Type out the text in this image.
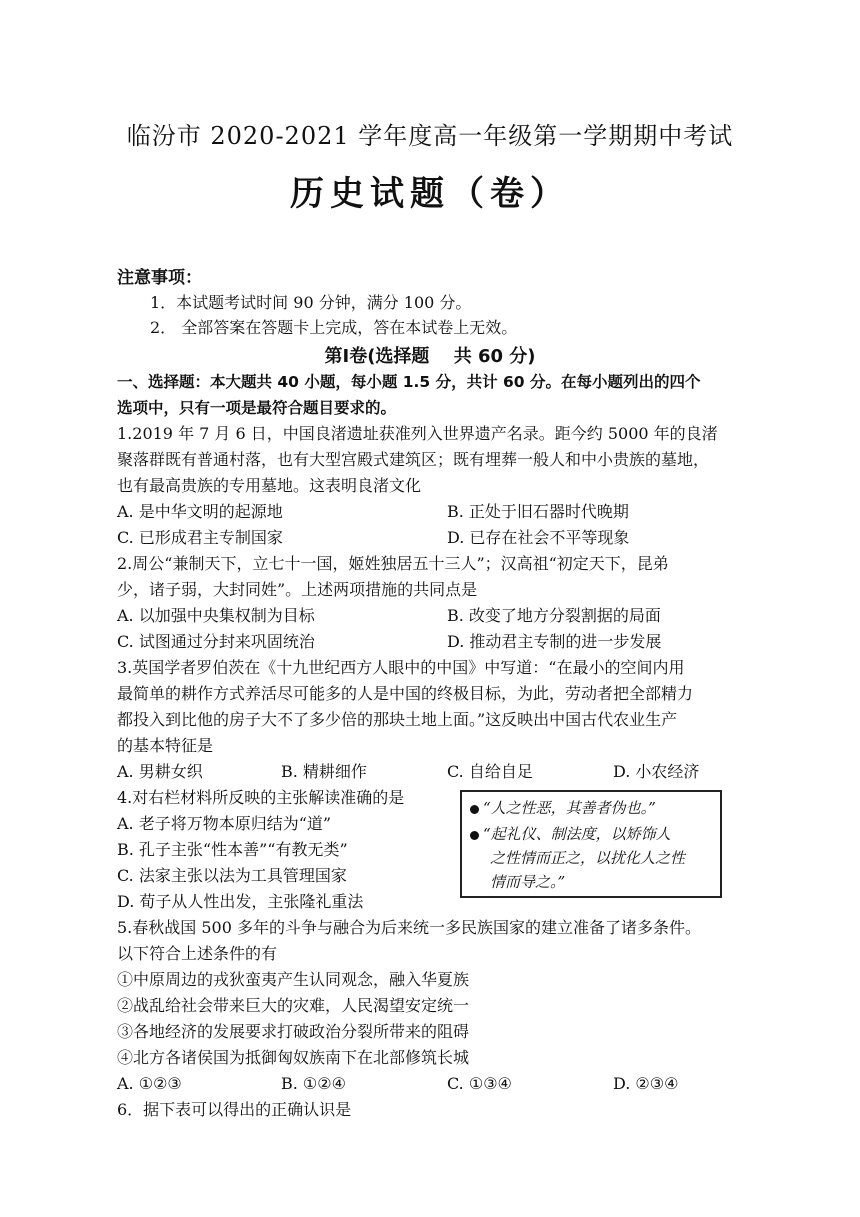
临汾市 2020-2021 学年度高一年级第一学期期中考试
历史试题（卷）
注意事项：
1．本试题考试时间 90 分钟，满分 100 分。
2． 全部答案在答题卡上完成，答在本试卷上无效。
第Ⅰ卷(选择题　 共 60 分)
一、选择题：本大题共 40 小题，每小题 1.5 分，共计 60 分。在每小题列出的四个
选项中，只有一项是最符合题目要求的。
1.2019 年 7 月 6 日，中国良渚遗址获准列入世界遗产名录。距今约 5000 年的良渚
聚落群既有普通村落，也有大型宫殿式建筑区；既有埋葬一般人和中小贵族的墓地，
也有最高贵族的专用墓地。这表明良渚文化
A. 是中华文明的起源地	B. 正处于旧石器时代晚期
C. 已形成君主专制国家	D. 已存在社会不平等现象
2.周公“兼制天下，立七十一国，姬姓独居五十三人”；汉高祖“初定天下，昆弟
少，诸子弱，大封同姓”。上述两项措施的共同点是
A. 以加强中央集权制为目标	B. 改变了地方分裂割据的局面
C. 试图通过分封来巩固统治	D. 推动君主专制的进一步发展
3.英国学者罗伯茨在《十九世纪西方人眼中的中国》中写道：“在最小的空间内用
最简单的耕作方式养活尽可能多的人是中国的终极目标，为此，劳动者把全部精力
都投入到比他的房子大不了多少倍的那块土地上面。”这反映出中国古代农业生产
的基本特征是
A. 男耕女织	B. 精耕细作	C. 自给自足	D. 小农经济
4.对右栏材料所反映的主张解读准确的是
A. 老子将万物本原归结为“道”
B. 孔子主张“性本善”“有教无类”
C. 法家主张以法为工具管理国家
D. 荀子从人性出发，主张隆礼重法
“人之性恶，其善者伪也。”
“起礼仪、制法度，以矫饰人
之性情而正之，以扰化人之性
情而导之。”
5.春秋战国 500 多年的斗争与融合为后来统一多民族国家的建立准备了诸多条件。
以下符合上述条件的有
①中原周边的戎狄蛮夷产生认同观念，融入华夏族
②战乱给社会带来巨大的灾难，人民渴望安定统一
③各地经济的发展要求打破政治分裂所带来的阻碍
④北方各诸侯国为抵御匈奴族南下在北部修筑长城
A. ①②③	B. ①②④	C. ①③④	D. ②③④
6．据下表可以得出的正确认识是
